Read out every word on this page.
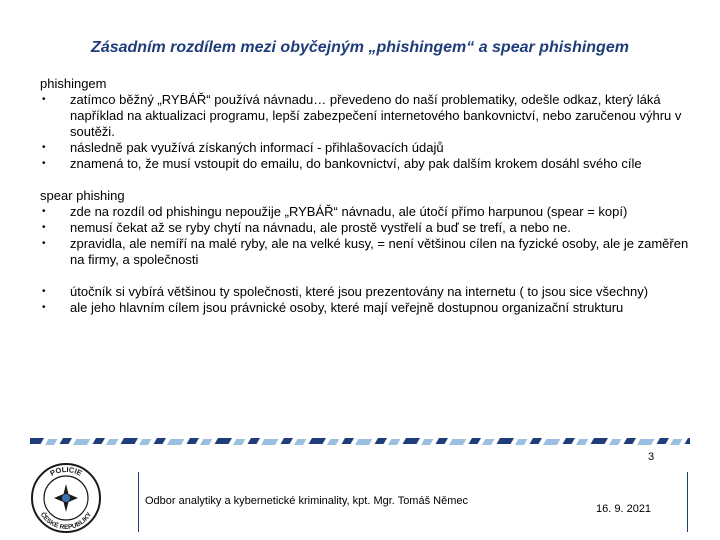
Zásadním rozdílem mezi obyčejným „phishingem“ a spear phishingem
phishingem
• zatímco běžný „RYBÁŘ“ používá návnadu… převedeno do naší problematiky, odešle odkaz, který láká například na aktualizaci programu, lepší zabezpečení internetového bankovnictví, nebo zaručenou výhru v soutěži.
• následně pak využívá získaných informací - přihlašovacích údajů
• znamená to, že musí vstoupit do emailu, do bankovnictví, aby pak dalším krokem dosáhl svého cíle
spear phishing
• zde na rozdíl od phishingu nepoužije „RYBÁŘ“ návnadu, ale útočí přímo harpunou (spear = kopí)
• nemusí čekat až se ryby chytí na návnadu, ale prostě vystřelí a buď se trefí, a nebo ne.
• zpravidla, ale nemíří na malé ryby, ale na velké kusy, = není většinou cílen na fyzické osoby, ale je zaměřen na firmy, a společnosti
• útočník si vybírá většinou ty společnosti, které jsou prezentovány na internetu ( to jsou sice všechny)
• ale jeho hlavním cílem jsou právnické osoby, které mají veřejně dostupnou organizační strukturu
3
Odbor analytiky a kybernetické kriminality, kpt. Mgr. Tomáš Němec
16. 9. 2021
POLICIE
ČESKÉ REPUBLIKY
